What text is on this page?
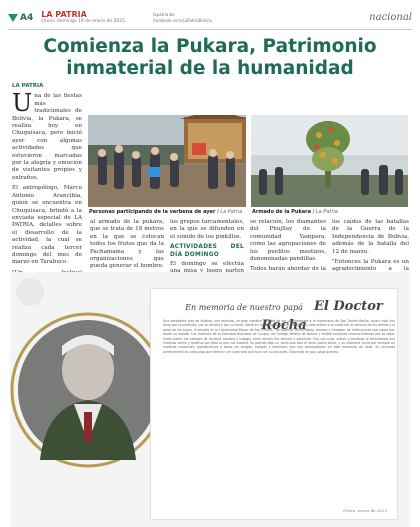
A4 LA PATRIA
Oruro, domingo 19 de enero de 2025
lapatria.bo
facebook.com/LaPatriaBolivia	nacional
Comienza la Pukara, Patrimonio
inmaterial de la humanidad
LA PATRIA

Una de las fiestas más tradicionales de Bolivia, la Pukara, se realiza hoy en Chuquisaca, pero inició ayer con algunas actividades que estuvieron marcadas por la alegría y emoción de visitantes propios y extraños.

El antropólogo, Marco Antonio Arancibia, quien se encuentra en Chuquisaca, brindó a la enviada especial de LA PATRIA, detalles sobre el desarrollo de la actividad, la cual se realiza cada tercer domingo del mes de marzo en Tarabuco.

Personas participando de la verbena de ayer / La Patria Armado de la Pukara / La Patria

al armado de la pukara, que se trata de 18 metros en la que se colocan todos los frutos que da la Pachamama y las organizaciones que pueda generar el hombre.

los grupos tarcamentales, en la que se difunden en el sonido de los pinkillos.

ACTIVIDADES DEL DÍA DOMINGO

El domingo se efectúa

se relación, los diamantes del Phujllay de la comunidad Yampara, como las agrupaciones de los pueblos mestizos, denominadas pandillas.

Todos harán abordar de la

los caídos de las batallas de la Guerra de la Independencia de Bolivia, además de la batalla del 12 de marzo.

"Entonces la Pukara es un agradecimiento a la

En memoria de nuestro papá El Doctor Rocha
Una verdadera vida de historia, una leyenda, un gran hombre. La vida de ser un homenaje a la trayectoria de Don Doctor Rocha, quien vivió con amor por la profesión, por su familia y por su tierra. Nació en la ciudad de Oruro y dedicó su vida entera a la medicina, al servicio de los demás y al amor de los suyos. Graduado en la Universidad Mayor de San Andrés, fue docente universitario, decano y fundador de instituciones que hasta hoy llevan su legado. Fue miembro de la Sociedad Boliviana de Cirugía, del Colegio Médico de Bolivia y recibió múltiples reconocimientos por su labor. Como padre fue ejemplo de rectitud, bondad y trabajo; como abuelo fue ternura y sabiduría. Hoy sus hijos, nietos y bisnietos lo recordamos con inmenso cariño y gratitud por todo lo que nos enseñó. Su partida deja un vacío que solo el amor podrá llenar, y su memoria vivirá por siempre en nuestros corazones. Agradecemos a todos los amigos, colegas y familiares que nos acompañaron en este momento de dolor. Su recuerdo permanecerá en cada paso que demos y en cada vida que tocó con su vocación. Descansa en paz, papá querido.
Oruro, enero de 2025
